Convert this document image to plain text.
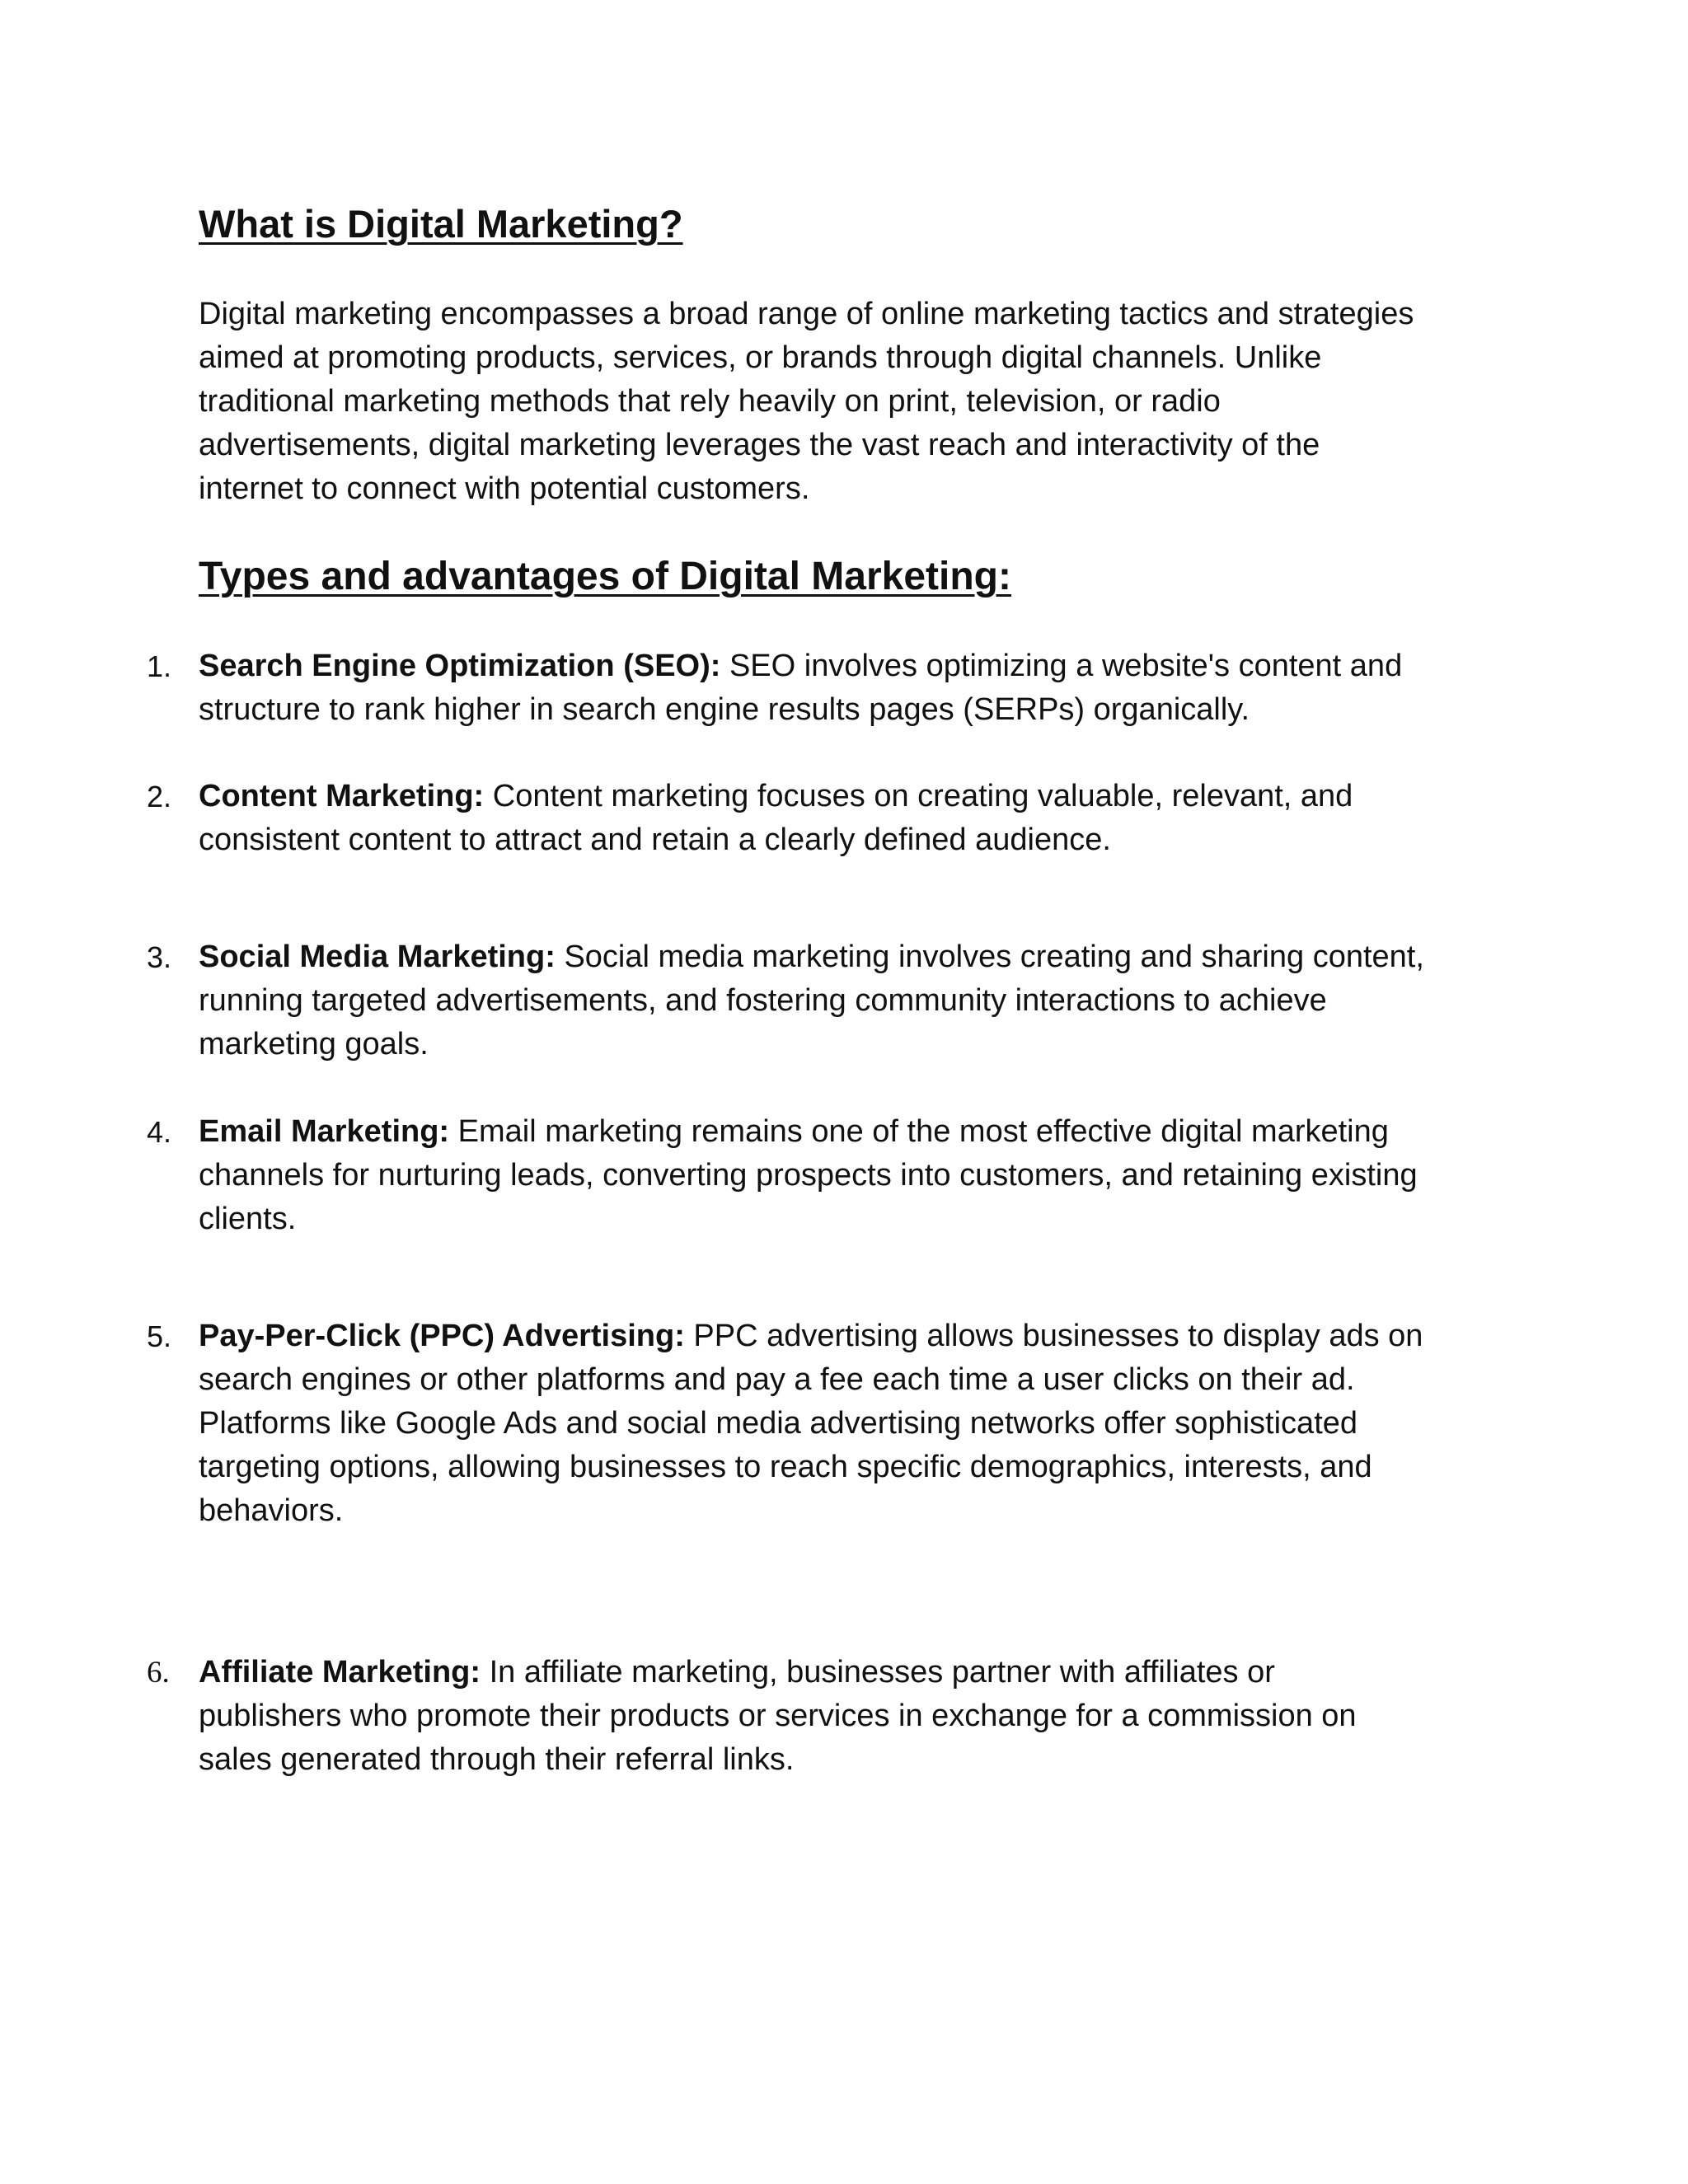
What is Digital Marketing?

Digital marketing encompasses a broad range of online marketing tactics and strategies
aimed at promoting products, services, or brands through digital channels. Unlike
traditional marketing methods that rely heavily on print, television, or radio
advertisements, digital marketing leverages the vast reach and interactivity of the
internet to connect with potential customers.

Types and advantages of Digital Marketing:
1. Search Engine Optimization (SEO): SEO involves optimizing a website's content and
structure to rank higher in search engine results pages (SERPs) organically.
2. Content Marketing: Content marketing focuses on creating valuable, relevant, and
consistent content to attract and retain a clearly defined audience.
3. Social Media Marketing: Social media marketing involves creating and sharing content,
running targeted advertisements, and fostering community interactions to achieve
marketing goals.
4. Email Marketing: Email marketing remains one of the most effective digital marketing
channels for nurturing leads, converting prospects into customers, and retaining existing
clients.
5. Pay-Per-Click (PPC) Advertising: PPC advertising allows businesses to display ads on
search engines or other platforms and pay a fee each time a user clicks on their ad.
Platforms like Google Ads and social media advertising networks offer sophisticated
targeting options, allowing businesses to reach specific demographics, interests, and
behaviors.
6. Affiliate Marketing: In affiliate marketing, businesses partner with affiliates or
publishers who promote their products or services in exchange for a commission on
sales generated through their referral links.
